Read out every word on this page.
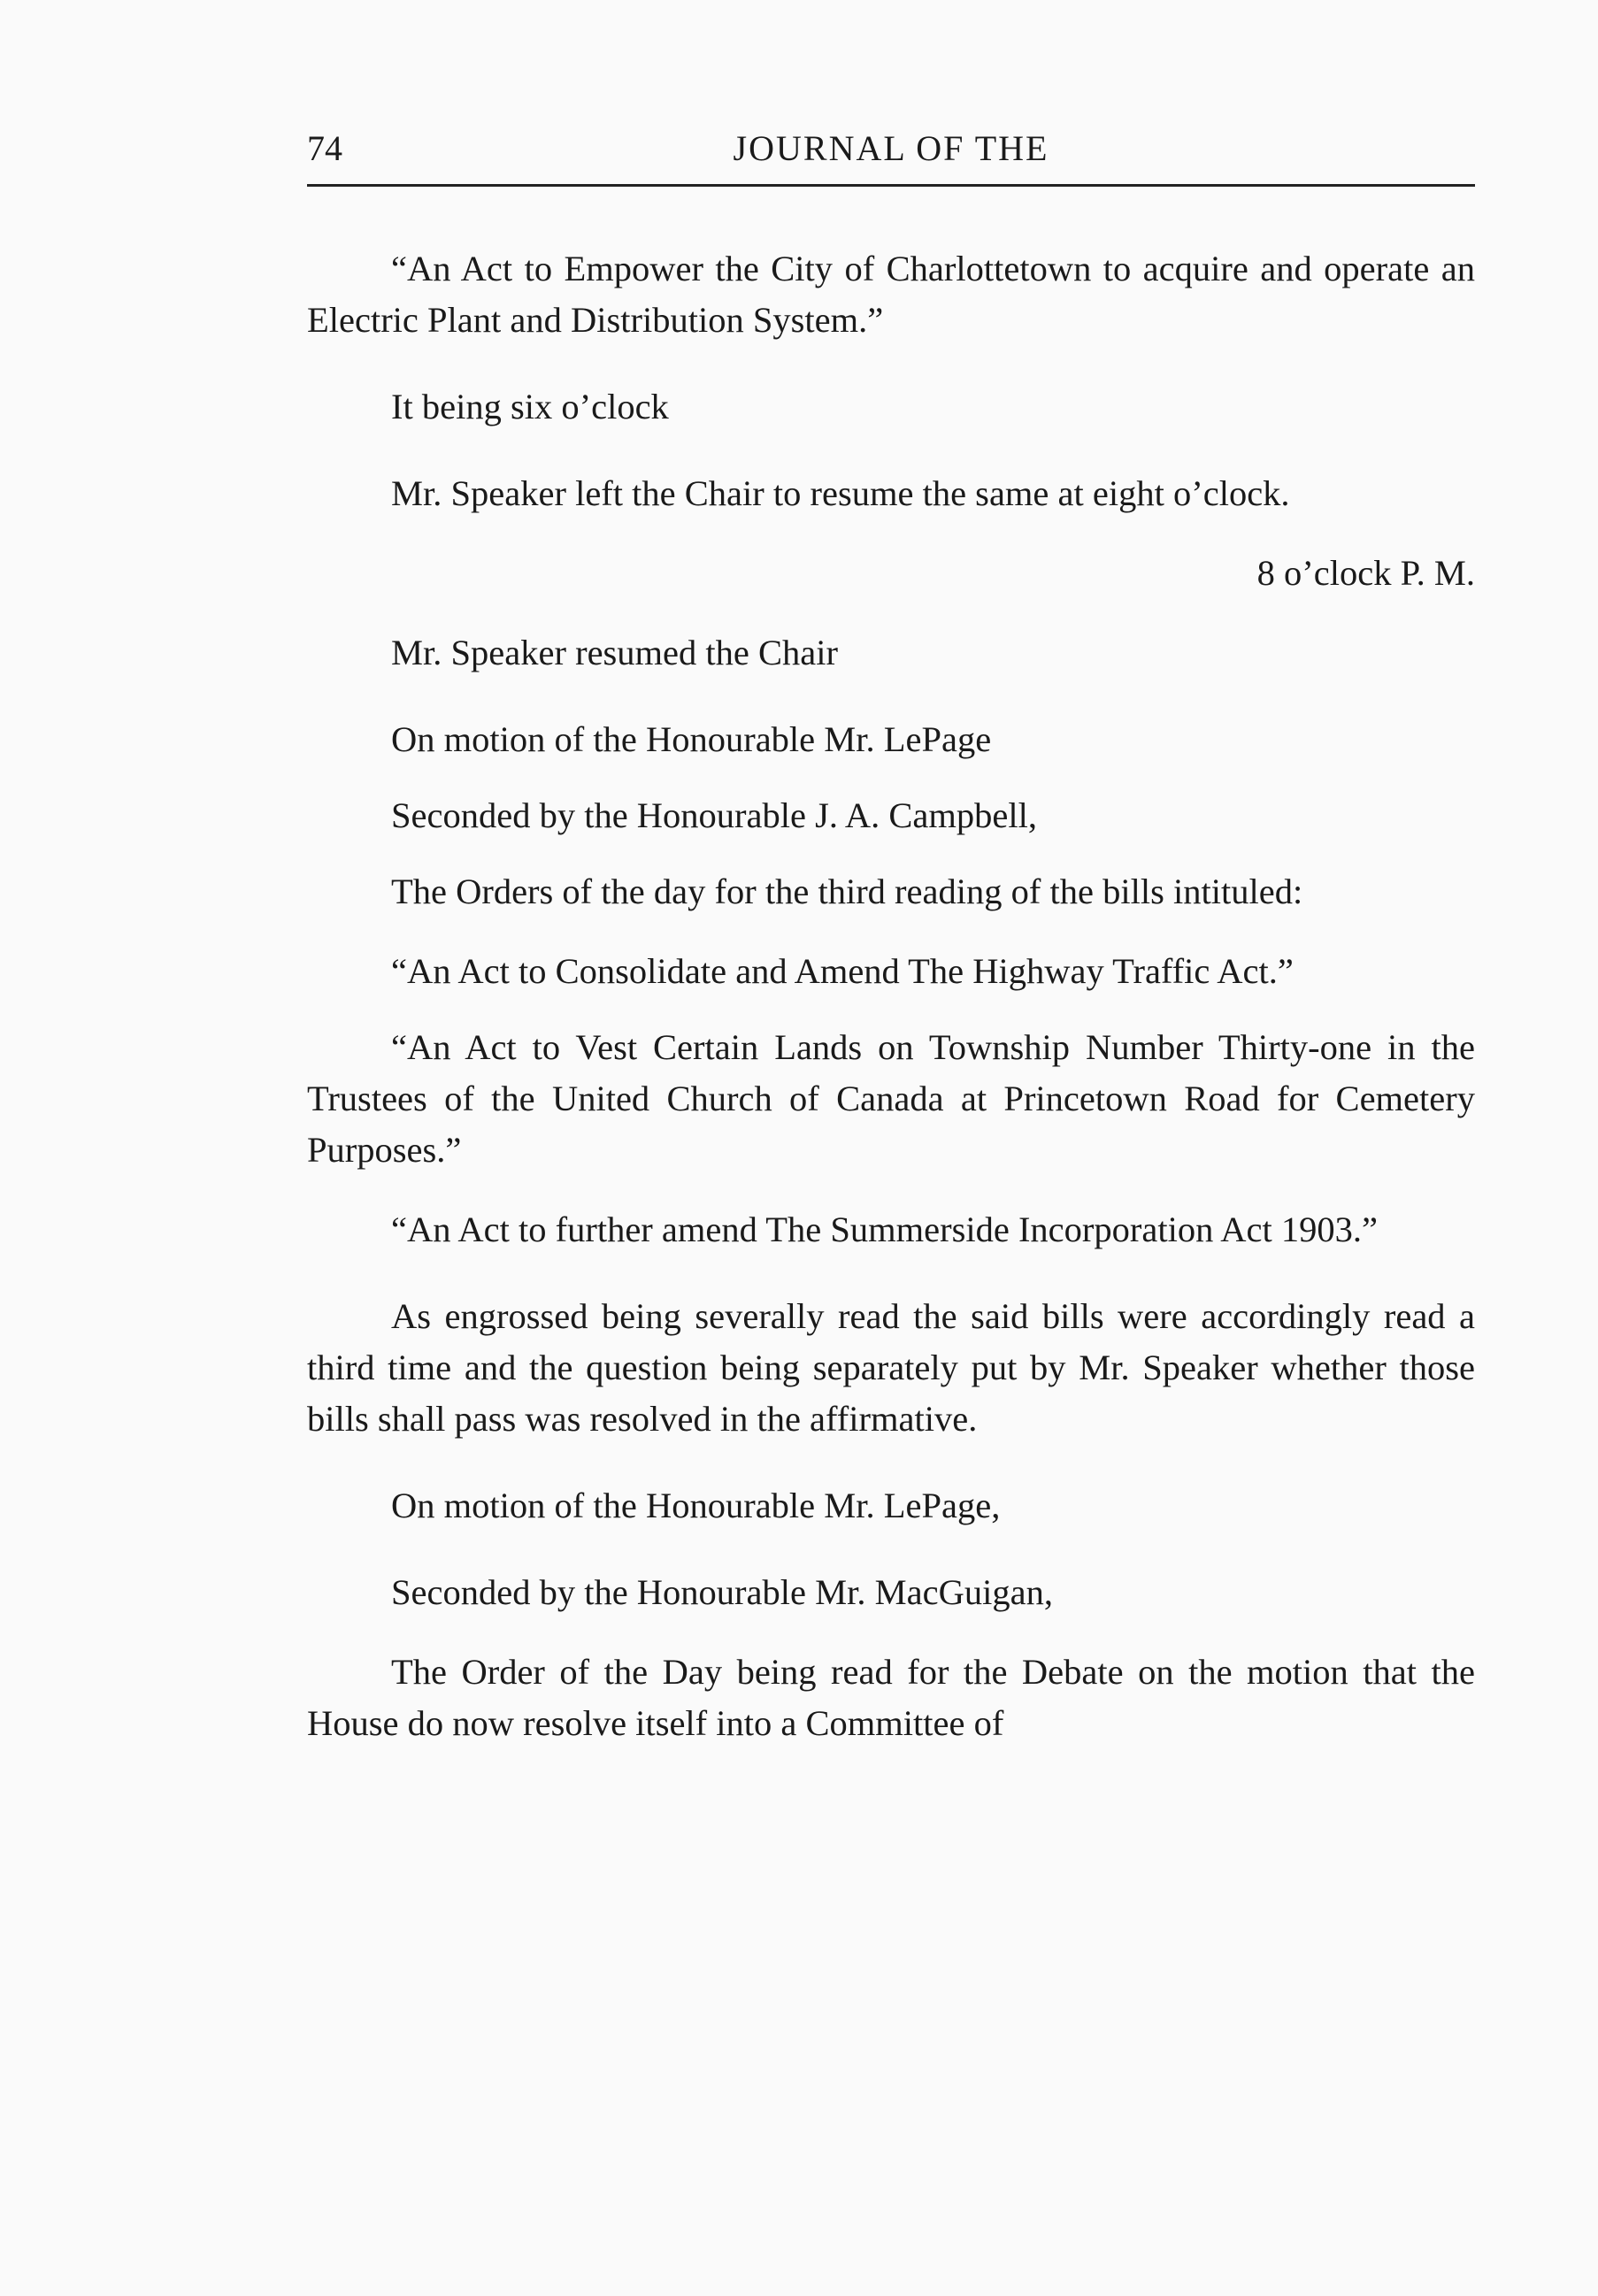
74	JOURNAL OF THE

“An Act to Empower the City of Charlottetown to acquire and operate an Electric Plant and Distribution System.”

It being six o’clock

Mr. Speaker left the Chair to resume the same at eight o’clock.

8 o’clock P. M.

Mr. Speaker resumed the Chair

On motion of the Honourable Mr. LePage

Seconded by the Honourable J. A. Campbell,

The Orders of the day for the third reading of the bills intituled:

“An Act to Consolidate and Amend The Highway Traffic Act.”

“An Act to Vest Certain Lands on Township Number Thirty-one in the Trustees of the United Church of Canada at Princetown Road for Cemetery Purposes.”

“An Act to further amend The Summerside Incorporation Act 1903.”

As engrossed being severally read the said bills were accordingly read a third time and the question being separately put by Mr. Speaker whether those bills shall pass was resolved in the affirmative.

On motion of the Honourable Mr. LePage,

Seconded by the Honourable Mr. MacGuigan,

The Order of the Day being read for the Debate on the motion that the House do now resolve itself into a Committee of
